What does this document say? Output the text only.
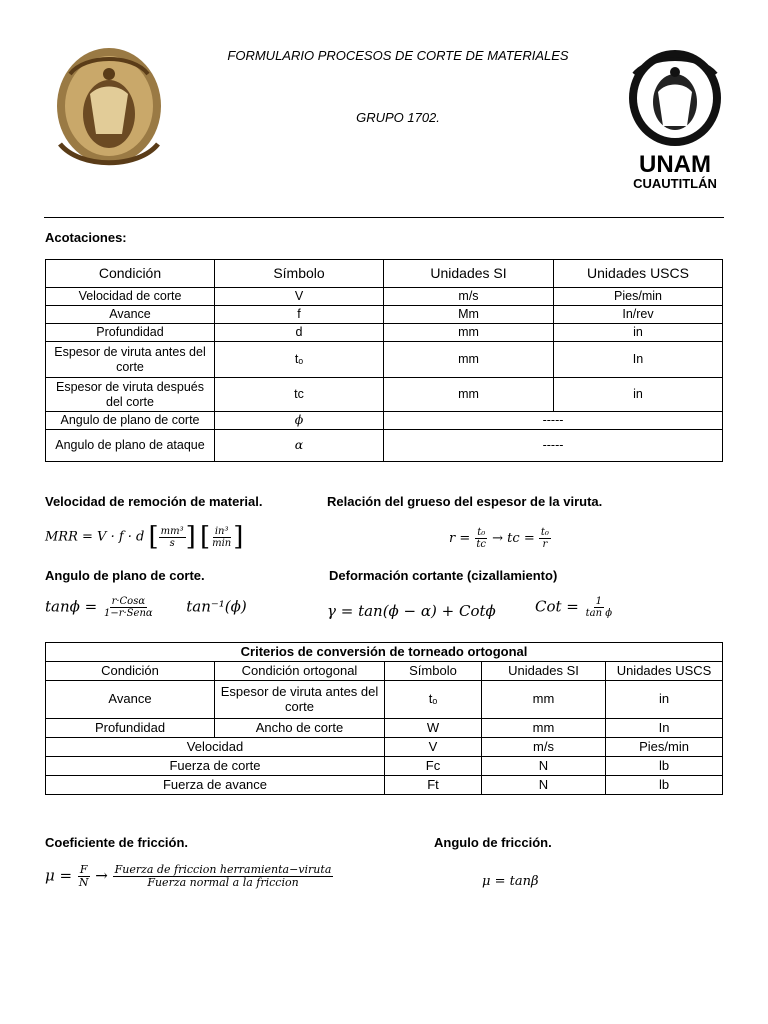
UNAM
CUAUTITLÁN
FORMULARIO PROCESOS DE CORTE DE MATERIALES
GRUPO 1702.
Acotaciones:
Condición	Símbolo	Unidades SI	Unidades USCS
Velocidad de corte	V	m/s	Pies/min
Avance	f	Mm	In/rev
Profundidad	d	mm	in
Espesor de viruta antes del corte	tₒ	mm	In
Espesor de viruta después del corte	tc	mm	in
Angulo de plano de corte	ϕ	-----	
Angulo de plano de ataque	α	-----	
Velocidad de remoción de material.	Relación del grueso del espesor de la viruta.
MRR = V · f · d [ $\frac{\text{mm³}}{s}$ ]
[ $\frac{\text{in³}}{\min}$ ]	$r = \frac{\text{t₀}}{tc}$ → tc = $\frac{\text{t₀}}{r}$
Angulo de plano de corte.	Deformación cortante (cizallamiento)
$\tan\phi = \frac{\text{r·Cosα}}{\text{1−r·Senα}} \tan^{-1}(\phi)$	γ = tan(ϕ − α) + Cotϕ	Cot = $\frac{1}{\text{tan ϕ}}$
Criterios de conversión de torneado ortogonal				
Condición	Condición ortogonal	Símbolo	Unidades SI	Unidades USCS
Avance	Espesor de viruta antes del corte	tₒ	mm	in
Profundidad	Ancho de corte	W	mm	In
Velocidad		V	m/s	Pies/min
Fuerza de corte		Fc	N	lb
Fuerza de avance		Ft	N	lb
Coeficiente de fricción.	Angulo de fricción.
$\mu = \frac{F}{N} \to \frac{\text{Fuerza de friccion herramienta−viruta}}{\text{Fuerza normal a la friccion}}$	μ = tanβ
